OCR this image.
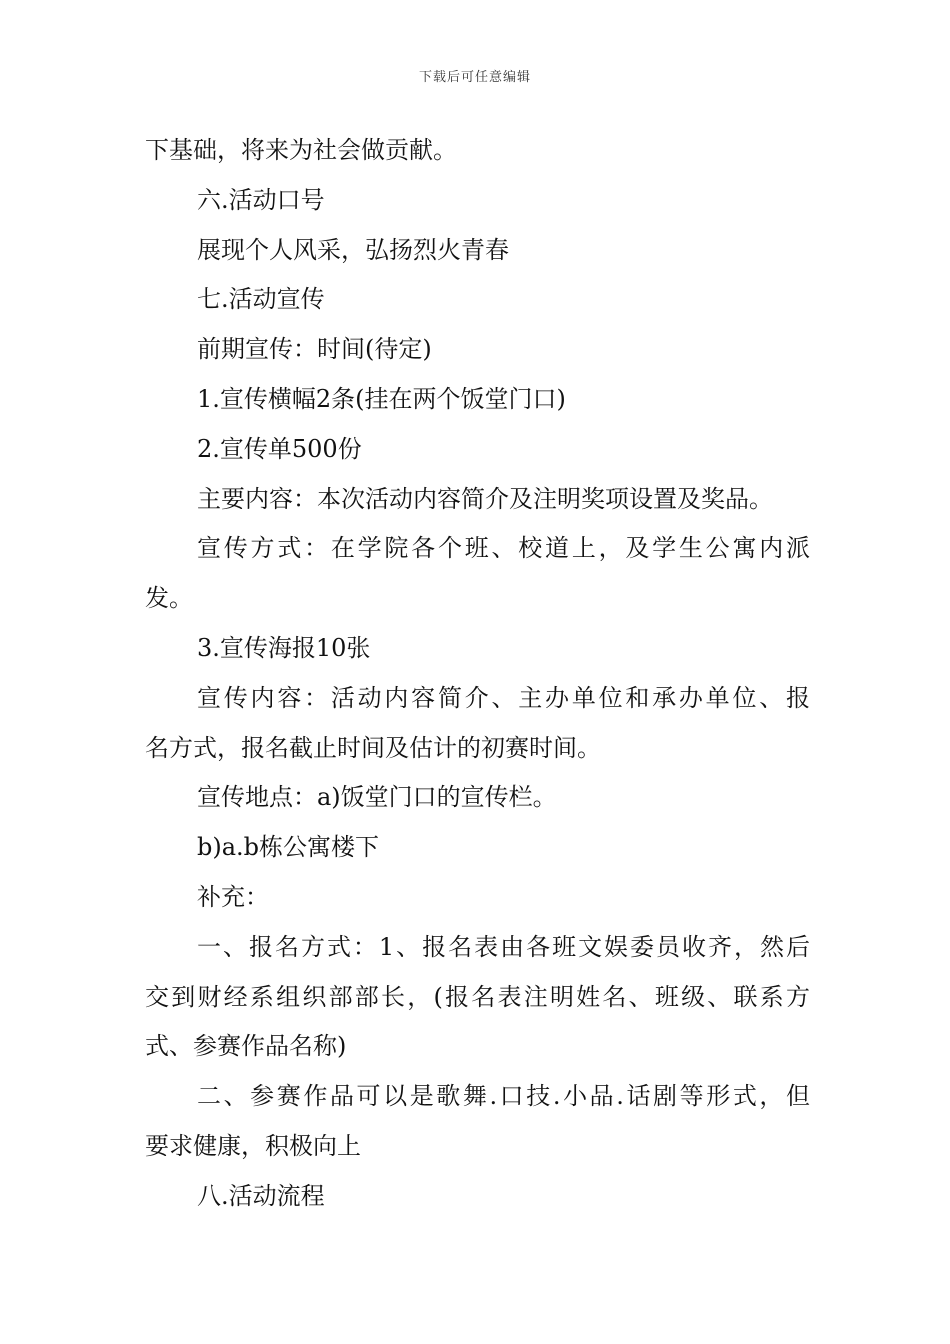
下载后可任意编辑
下基础，将来为社会做贡献。
六.活动口号
展现个人风采，弘扬烈火青春
七.活动宣传
前期宣传：时间(待定)
1.宣传横幅2条(挂在两个饭堂门口)
2.宣传单500份
主要内容：本次活动内容简介及注明奖项设置及奖品。
宣传方式：在学院各个班、校道上，及学生公寓内派
发。
3.宣传海报10张
宣传内容：活动内容简介、主办单位和承办单位、报
名方式，报名截止时间及估计的初赛时间。
宣传地点：a)饭堂门口的宣传栏。
b)a.b栋公寓楼下
补充：
一、报名方式：1、报名表由各班文娱委员收齐，然后
交到财经系组织部部长，(报名表注明姓名、班级、联系方
式、参赛作品名称)
二、参赛作品可以是歌舞.口技.小品.话剧等形式，但
要求健康，积极向上
八.活动流程
